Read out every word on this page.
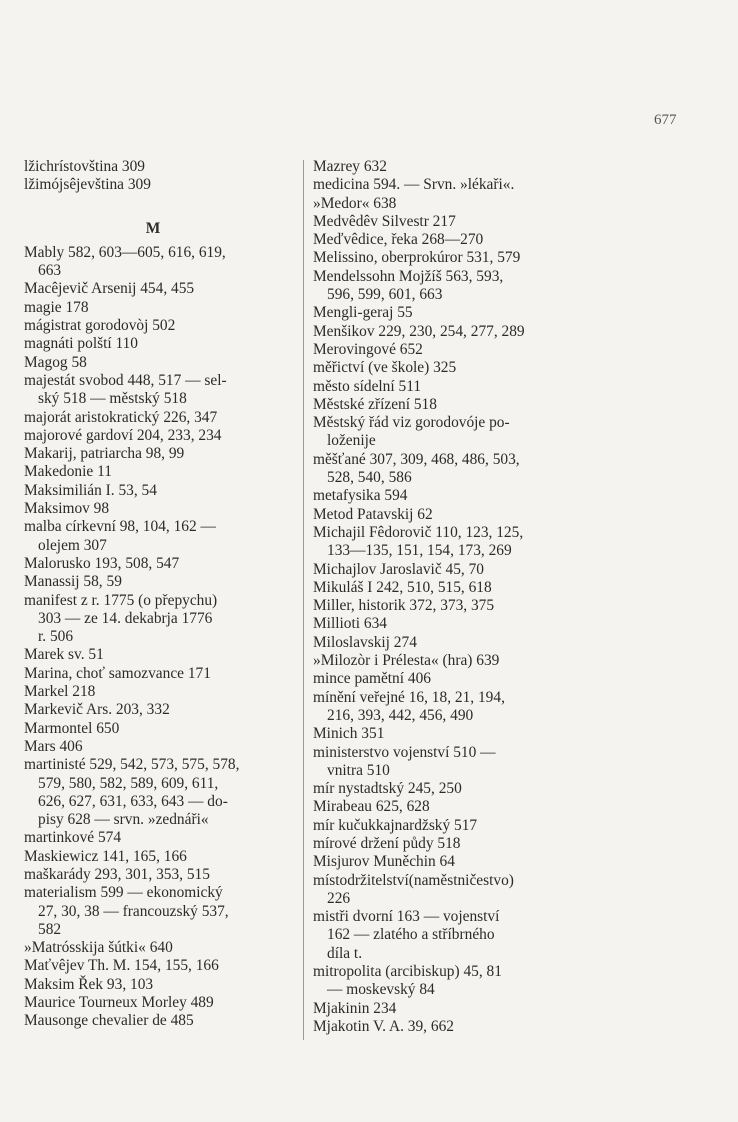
677
lžichrístovština 309
lžimójsêjevština 309
M
Mably 582, 603—605, 616, 619,
663
Macêjevič Arsenij 454, 455
magie 178
mágistrat gorodovòj 502
magnáti polští 110
Magog 58
majestát svobod 448, 517 — sel-
ský 518 — městský 518
majorát aristokratický 226, 347
majorové gardoví 204, 233, 234
Makarij, patriarcha 98, 99
Makedonie 11
Maksimilián I. 53, 54
Maksimov 98
malba církevní 98, 104, 162 —
olejem 307
Malorusko 193, 508, 547
Manassij 58, 59
manifest z r. 1775 (o přepychu)
303 — ze 14. dekabrja 1776
r. 506
Marek sv. 51
Marina, choť samozvance 171
Markel 218
Markevič Ars. 203, 332
Marmontel 650
Mars 406
martinisté 529, 542, 573, 575, 578,
579, 580, 582, 589, 609, 611,
626, 627, 631, 633, 643 — do-
pisy 628 — srvn. »zednáři«
martinkové 574
Maskiewicz 141, 165, 166
maškarády 293, 301, 353, 515
materialism 599 — ekonomický
27, 30, 38 — francouzský 537,
582
»Matrósskija šútki« 640
Maťvêjev Th. M. 154, 155, 166
Maksim Řek 93, 103
Maurice Tourneux Morley 489
Mausonge chevalier de 485
Mazrey 632
medicina 594. — Srvn. »lékaři«.
»Medor« 638
Medvêdêv Silvestr 217
Meďvêdice, řeka 268—270
Melissino, oberprokúror 531, 579
Mendelssohn Mojžíš 563, 593,
596, 599, 601, 663
Mengli-geraj 55
Menšikov 229, 230, 254, 277, 289
Merovingové 652
měřictví (ve škole) 325
město sídelní 511
Městské zřízení 518
Městský řád viz gorodovóje po-
loženije
měšťané 307, 309, 468, 486, 503,
528, 540, 586
metafysika 594
Metod Patavskij 62
Michajil Fêdorovič 110, 123, 125,
133—135, 151, 154, 173, 269
Michajlov Jaroslavič 45, 70
Mikuláš I 242, 510, 515, 618
Miller, historik 372, 373, 375
Millioti 634
Miloslavskij 274
»Milozòr i Prélesta« (hra) 639
mince pamětní 406
mínění veřejné 16, 18, 21, 194,
216, 393, 442, 456, 490
Minich 351
ministerstvo vojenství 510 —
vnitra 510
mír nystadtský 245, 250
Mirabeau 625, 628
mír kučukkajnardžský 517
mírové držení půdy 518
Misjurov Muněchin 64
místodržitelství(naměstničestvo)
226
mistři dvorní 163 — vojenství
162 — zlatého a stříbrného
díla t.
mitropolita (arcibiskup) 45, 81
— moskevský 84
Mjakinin 234
Mjakotin V. A. 39, 662
